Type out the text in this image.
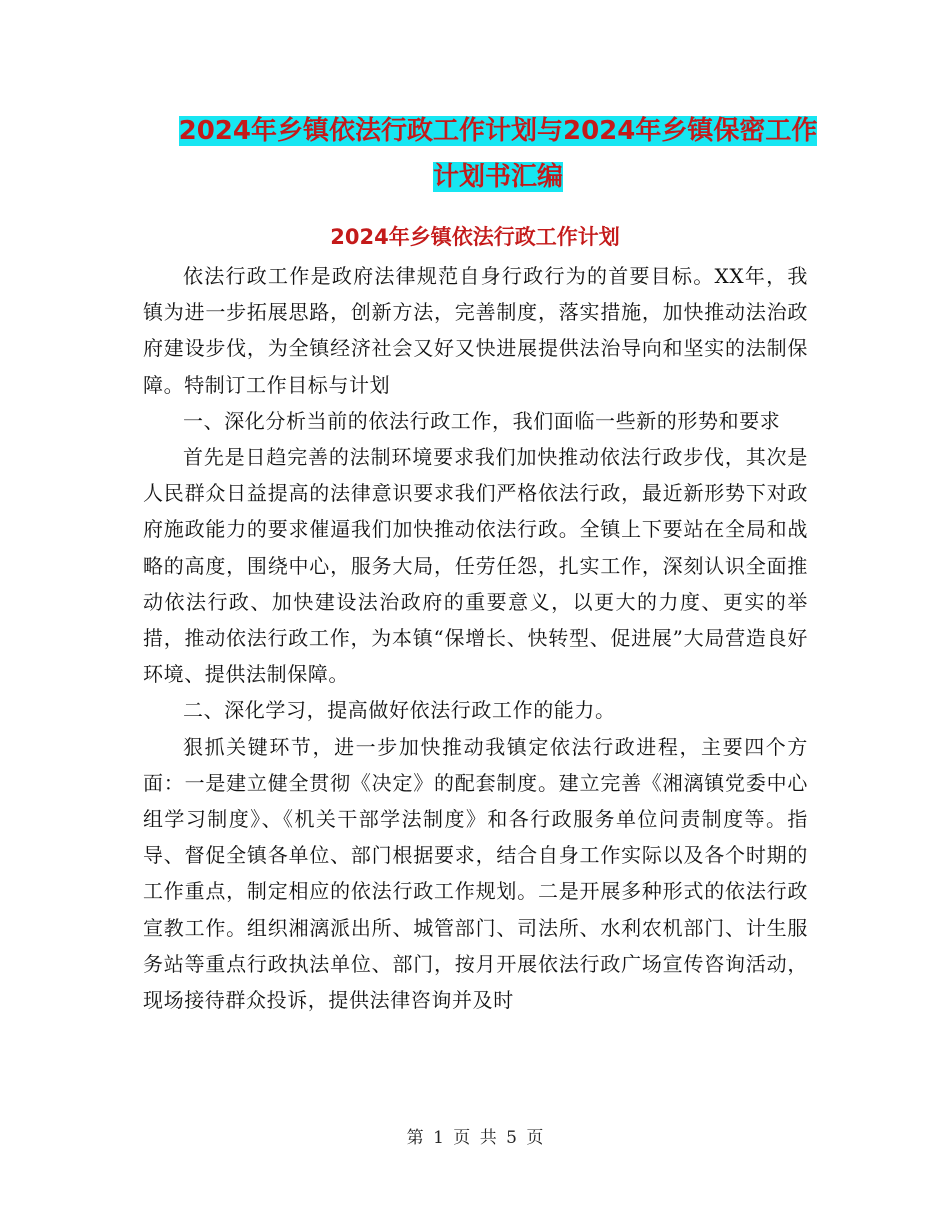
2024年乡镇依法行政工作计划与2024年乡镇保密工作
计划书汇编
2024年乡镇依法行政工作计划

依法行政工作是政府法律规范自身行政行为的首要目标。XX年，我镇为进一步拓展思路，创新方法，完善制度，落实措施，加快推动法治政府建设步伐，为全镇经济社会又好又快进展提供法治导向和坚实的法制保障。特制订工作目标与计划

一、深化分析当前的依法行政工作，我们面临一些新的形势和要求

首先是日趋完善的法制环境要求我们加快推动依法行政步伐，其次是人民群众日益提高的法律意识要求我们严格依法行政，最近新形势下对政府施政能力的要求催逼我们加快推动依法行政。全镇上下要站在全局和战略的高度，围绕中心，服务大局，任劳任怨，扎实工作，深刻认识全面推动依法行政、加快建设法治政府的重要意义，以更大的力度、更实的举措，推动依法行政工作，为本镇“保增长、快转型、促进展”大局营造良好环境、提供法制保障。

二、深化学习，提高做好依法行政工作的能力。

狠抓关键环节，进一步加快推动我镇定依法行政进程，主要四个方面：一是建立健全贯彻《决定》的配套制度。建立完善《湘漓镇党委中心组学习制度》、《机关干部学法制度》和各行政服务单位问责制度等。指导、督促全镇各单位、部门根据要求，结合自身工作实际以及各个时期的工作重点，制定相应的依法行政工作规划。二是开展多种形式的依法行政宣教工作。组织湘漓派出所、城管部门、司法所、水利农机部门、计生服务站等重点行政执法单位、部门，按月开展依法行政广场宣传咨询活动，现场接待群众投诉，提供法律咨询并及时

第 1 页 共 5 页
